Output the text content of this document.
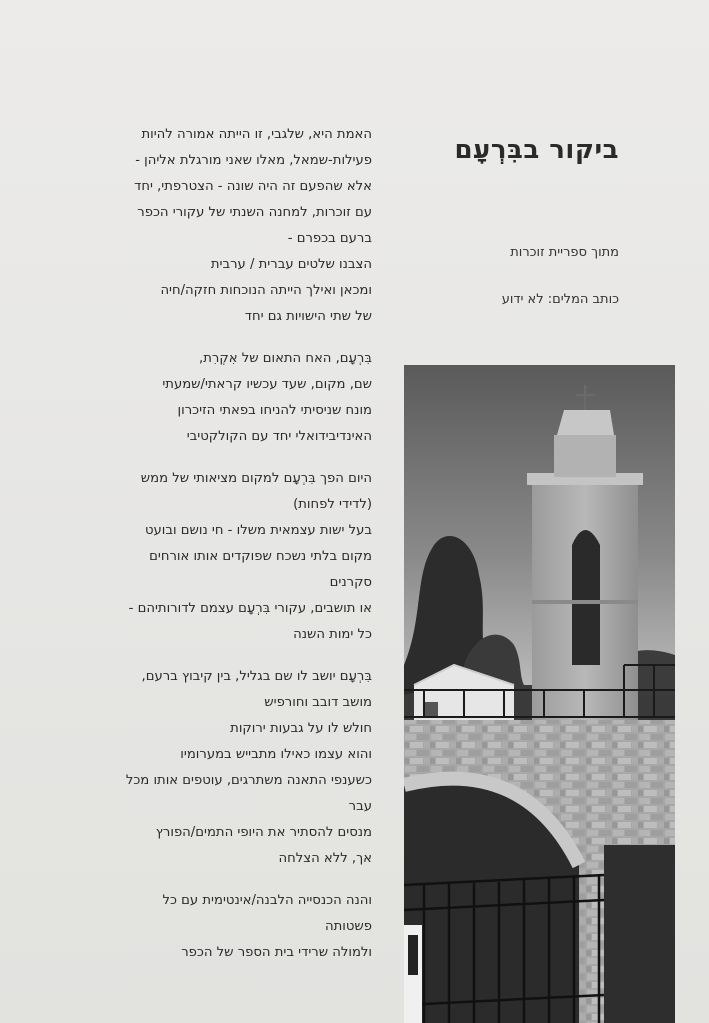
ביקור בבִּרְעָם
מתוך ספריית זוכרות
כותב המלים: לא ידוע
האמת היא, שלגבי, זו הייתה אמורה להיות
פעילות-שמאל, מאלו שאני מורגלת אליהן -
אלא שהפעם זה היה שונה - הצטרפתי, יחד
עם זוכרות, למחנה השנתי של עקורי הכפר
ברעם בכפרם -
הצבנו שלטים עברית / ערבית
ומכאן ואילך הייתה הנוכחות חזקה/חיה
של שתי הישויות גם יחד
בִּרְעָם, האח התאום של אִקְרִת,
שם, מקום, שעד עכשיו קראתי/שמעתי
מונח שניסיתי להניחו בפאתי הזיכרון
האינדיבידואלי יחד עם הקולקטיבי
היום הפך בִּרְעָם למקום מציאותי של ממש
(לדידי לפחות)
בעל ישות עצמאית משלו - חי נושם ובועט
מקום בלתי נשכח שפוקדים אותו אורחים
סקרנים
או תושבים, עקורי בִּרְעָם עצמם לדורותיהם -
כל ימות השנה
בִּרְעָם יושב לו שם בגליל, בין קיבוץ ברעם,
מושב דובב וחורפיש
חולש לו על גבעות ירוקות
והוא עצמו כאילו מתבייש במערומיו
כשענפי התאנה משתרגים, עוטפים אותו מכל
עבר
מנסים להסתיר את היופי התמים/הפורץ
אך, ללא הצלחה
והנה הכנסייה הלבנה/אינטימית עם כל
פשטותה
ולמולה שרידי בית הספר של הכפר
